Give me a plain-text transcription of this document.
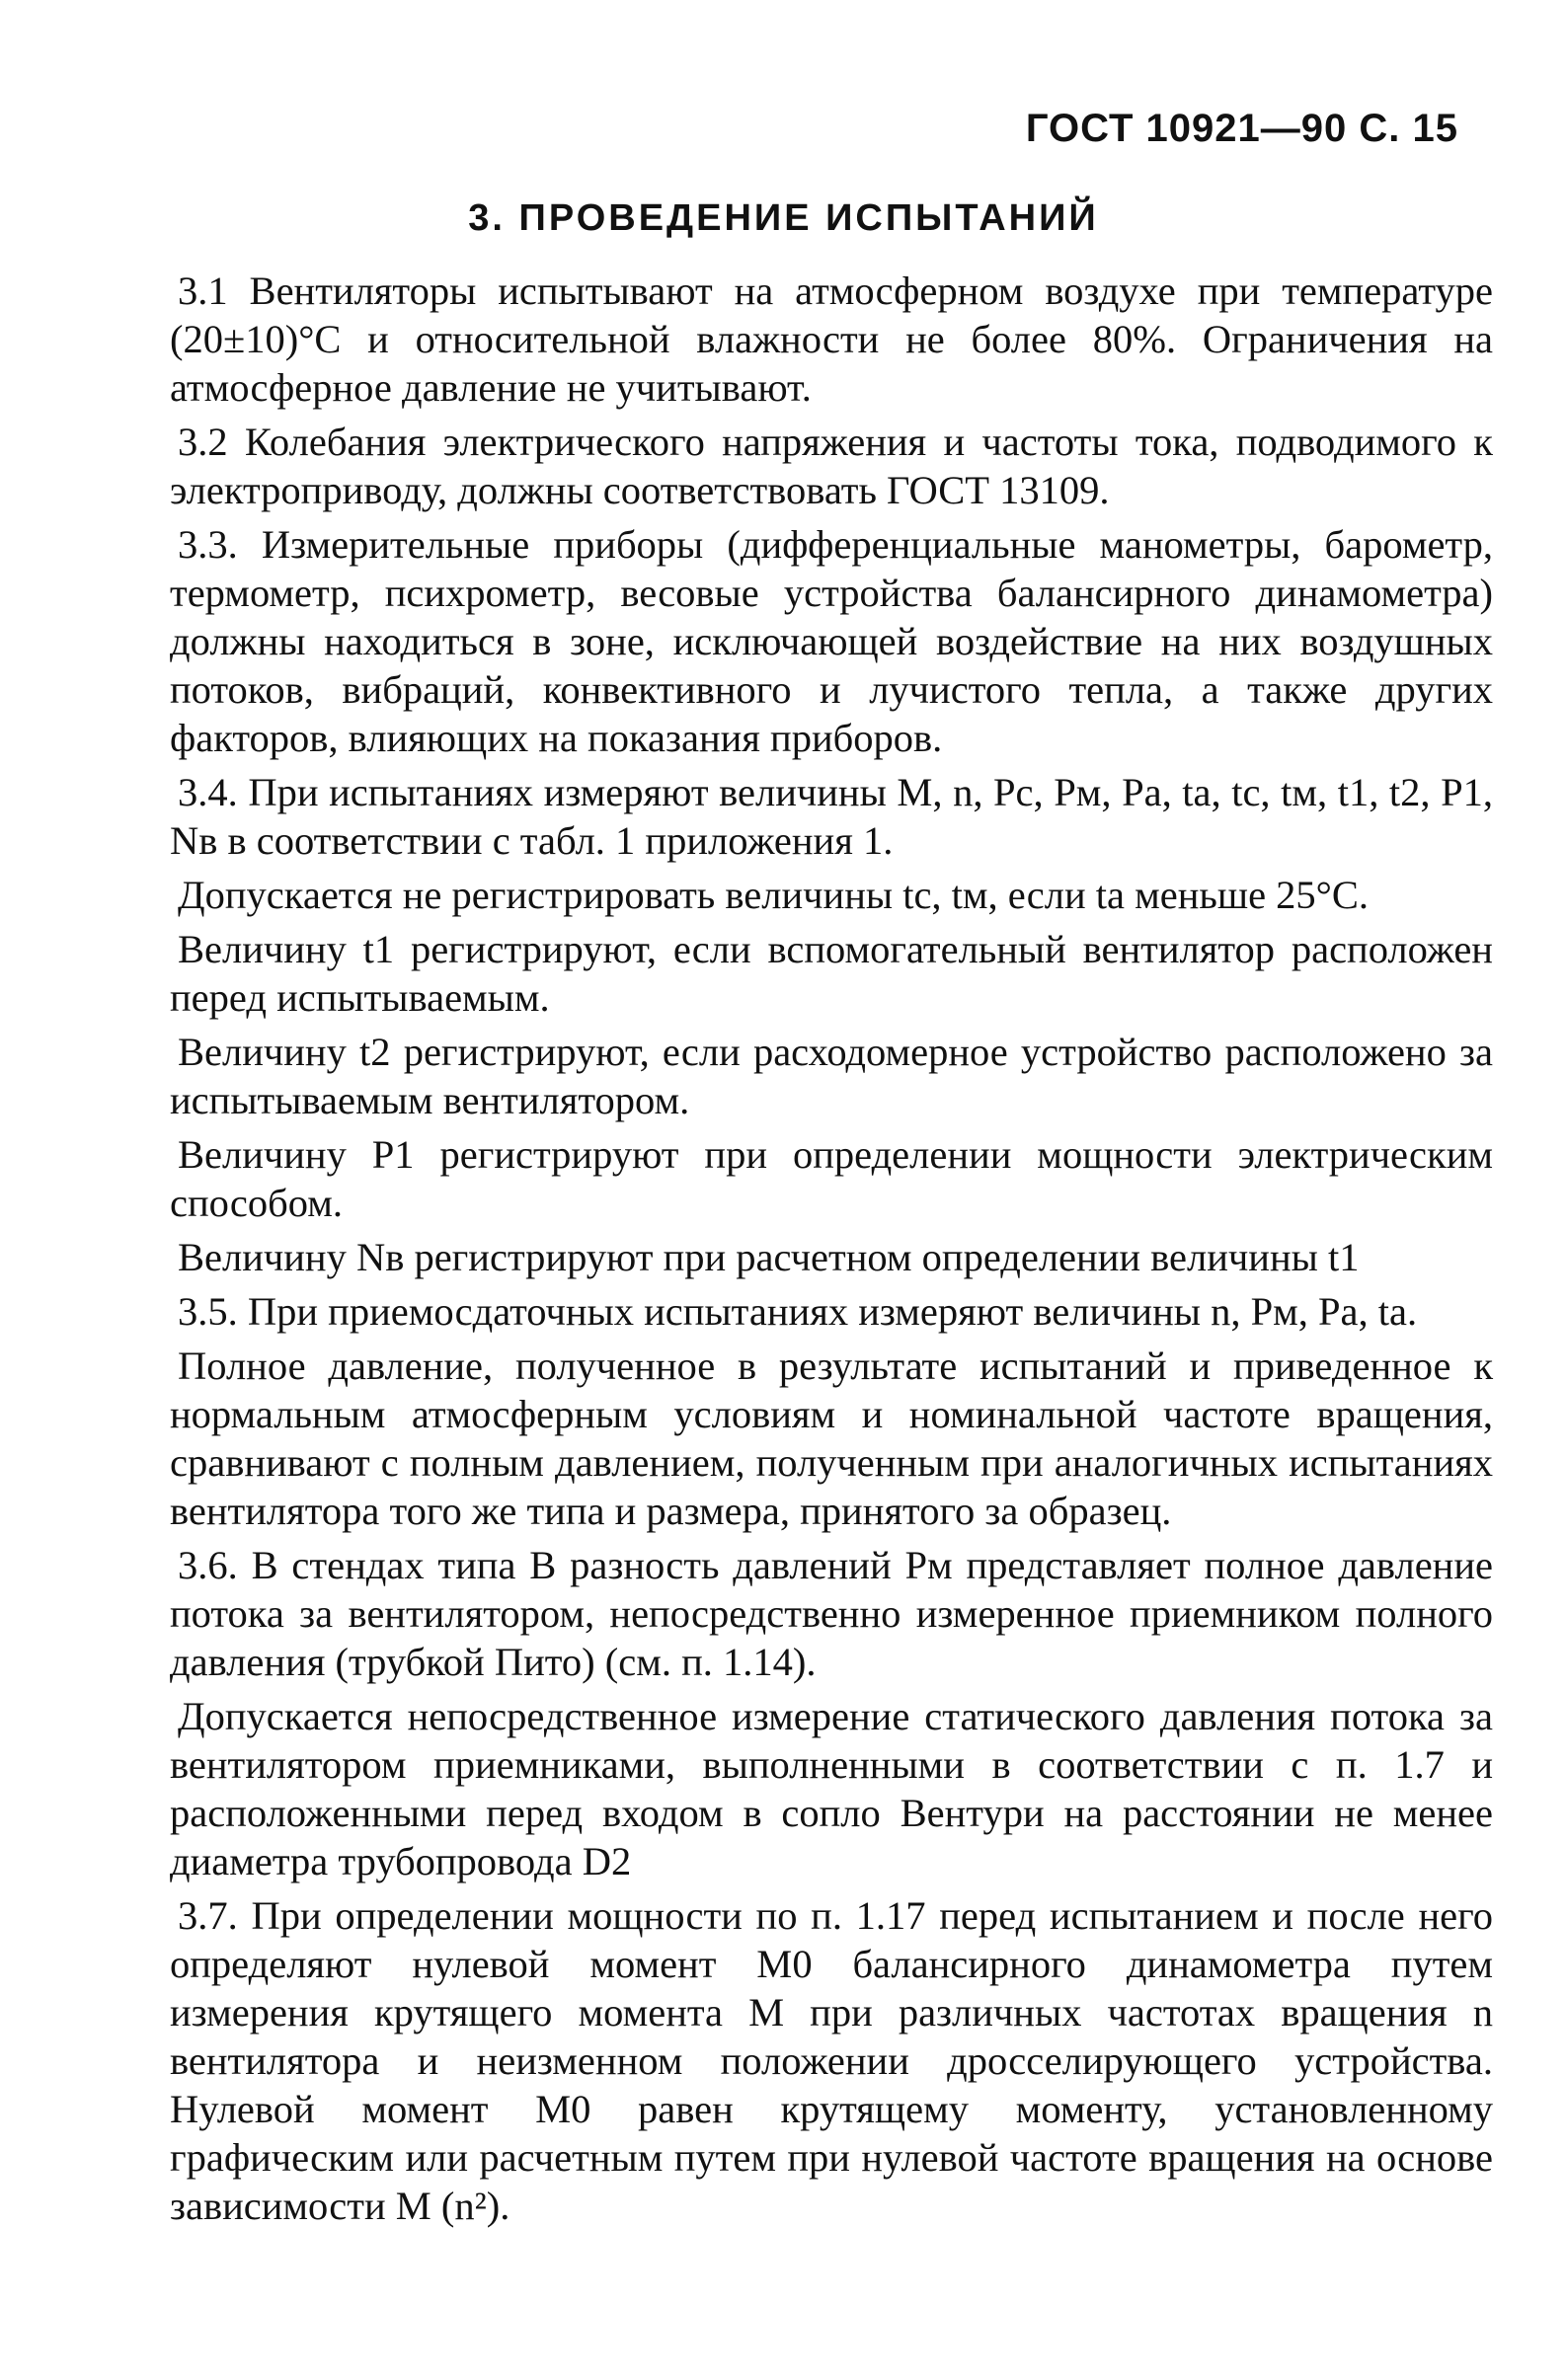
ГОСТ 10921—90 С. 15
3. ПРОВЕДЕНИЕ ИСПЫТАНИЙ

3.1 Вентиляторы испытывают на атмосферном воздухе при температуре (20±10)°С и относительной влажности не более 80%. Ограничения на атмосферное давление не учитывают.

3.2 Колебания электрического напряжения и частоты тока, подводимого к электроприводу, должны соответствовать ГОСТ 13109.

3.3. Измерительные приборы (дифференциальные манометры, барометр, термометр, психрометр, весовые устройства балансирного динамометра) должны находиться в зоне, исключающей воздействие на них воздушных потоков, вибраций, конвективного и лучистого тепла, а также других факторов, влияющих на показания приборов.

3.4. При испытаниях измеряют величины M, n, Pс, Pм, Pа, tа, tс, tм, t1, t2, P1, Nв в соответствии с табл. 1 приложения 1.

Допускается не регистрировать величины tс, tм, если tа меньше 25°С.

Величину t1 регистрируют, если вспомогательный вентилятор расположен перед испытываемым.

Величину t2 регистрируют, если расходомерное устройство расположено за испытываемым вентилятором.

Величину P1 регистрируют при определении мощности электрическим способом.

Величину Nв регистрируют при расчетном определении величины t1

3.5. При приемосдаточных испытаниях измеряют величины n, Pм, Pа, tа.

Полное давление, полученное в результате испытаний и приведенное к нормальным атмосферным условиям и номинальной частоте вращения, сравнивают с полным давлением, полученным при аналогичных испытаниях вентилятора того же типа и размера, принятого за образец.

3.6. В стендах типа В разность давлений Pм представляет полное давление потока за вентилятором, непосредственно измеренное приемником полного давления (трубкой Пито) (см. п. 1.14).

Допускается непосредственное измерение статического давления потока за вентилятором приемниками, выполненными в соответствии с п. 1.7 и расположенными перед входом в сопло Вентури на расстоянии не менее диаметра трубопровода D2

3.7. При определении мощности по п. 1.17 перед испытанием и после него определяют нулевой момент M0 балансирного динамометра путем измерения крутящего момента M при различных частотах вращения n вентилятора и неизменном положении дросселирующего устройства. Нулевой момент M0 равен крутящему моменту, установленному графическим или расчетным путем при нулевой частоте вращения на основе зависимости M (n²).
